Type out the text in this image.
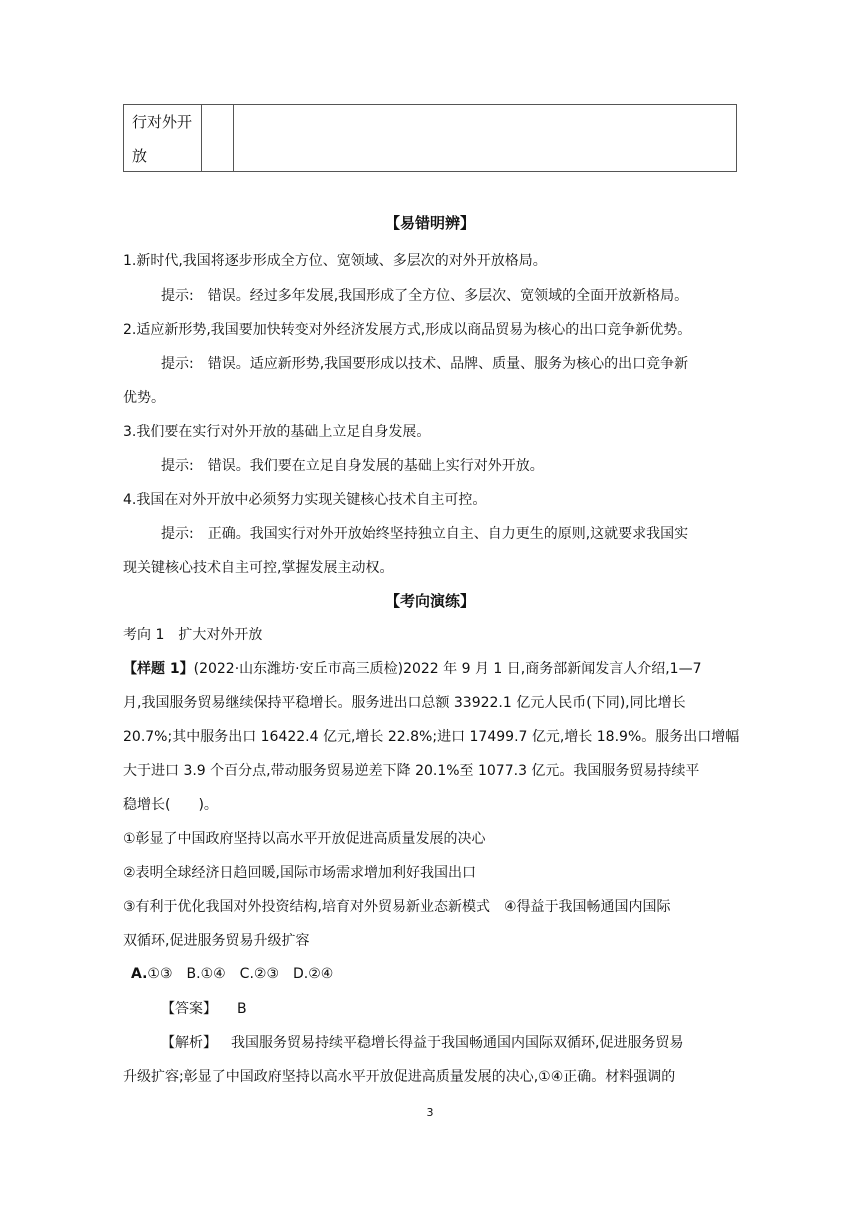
行对外开
放
【易错明辨】
1.新时代,我国将逐步形成全方位、宽领域、多层次的对外开放格局。
提示:　错误。经过多年发展,我国形成了全方位、多层次、宽领域的全面开放新格局。
2.适应新形势,我国要加快转变对外经济发展方式,形成以商品贸易为核心的出口竞争新优势。
提示:　错误。适应新形势,我国要形成以技术、品牌、质量、服务为核心的出口竞争新
优势。
3.我们要在实行对外开放的基础上立足自身发展。
提示:　错误。我们要在立足自身发展的基础上实行对外开放。
4.我国在对外开放中必须努力实现关键核心技术自主可控。
提示:　正确。我国实行对外开放始终坚持独立自主、自力更生的原则,这就要求我国实
现关键核心技术自主可控,掌握发展主动权。
【考向演练】
考向 1　扩大对外开放
【样题 1】(2022·山东潍坊·安丘市高三质检)2022 年 9 月 1 日,商务部新闻发言人介绍,1—7
月,我国服务贸易继续保持平稳增长。服务进出口总额 33922.1 亿元人民币(下同),同比增长
20.7%;其中服务出口 16422.4 亿元,增长 22.8%;进口 17499.7 亿元,增长 18.9%。服务出口增幅
大于进口 3.9 个百分点,带动服务贸易逆差下降 20.1%至 1077.3 亿元。我国服务贸易持续平
稳增长(　　)。
①彰显了中国政府坚持以高水平开放促进高质量发展的决心
②表明全球经济日趋回暖,国际市场需求增加利好我国出口
③有利于优化我国对外投资结构,培育对外贸易新业态新模式　④得益于我国畅通国内国际
双循环,促进服务贸易升级扩容
A.①③　B.①④　C.②③　D.②④
【答案】 B
【解析】 我国服务贸易持续平稳增长得益于我国畅通国内国际双循环,促进服务贸易
升级扩容;彰显了中国政府坚持以高水平开放促进高质量发展的决心,①④正确。材料强调的
3
